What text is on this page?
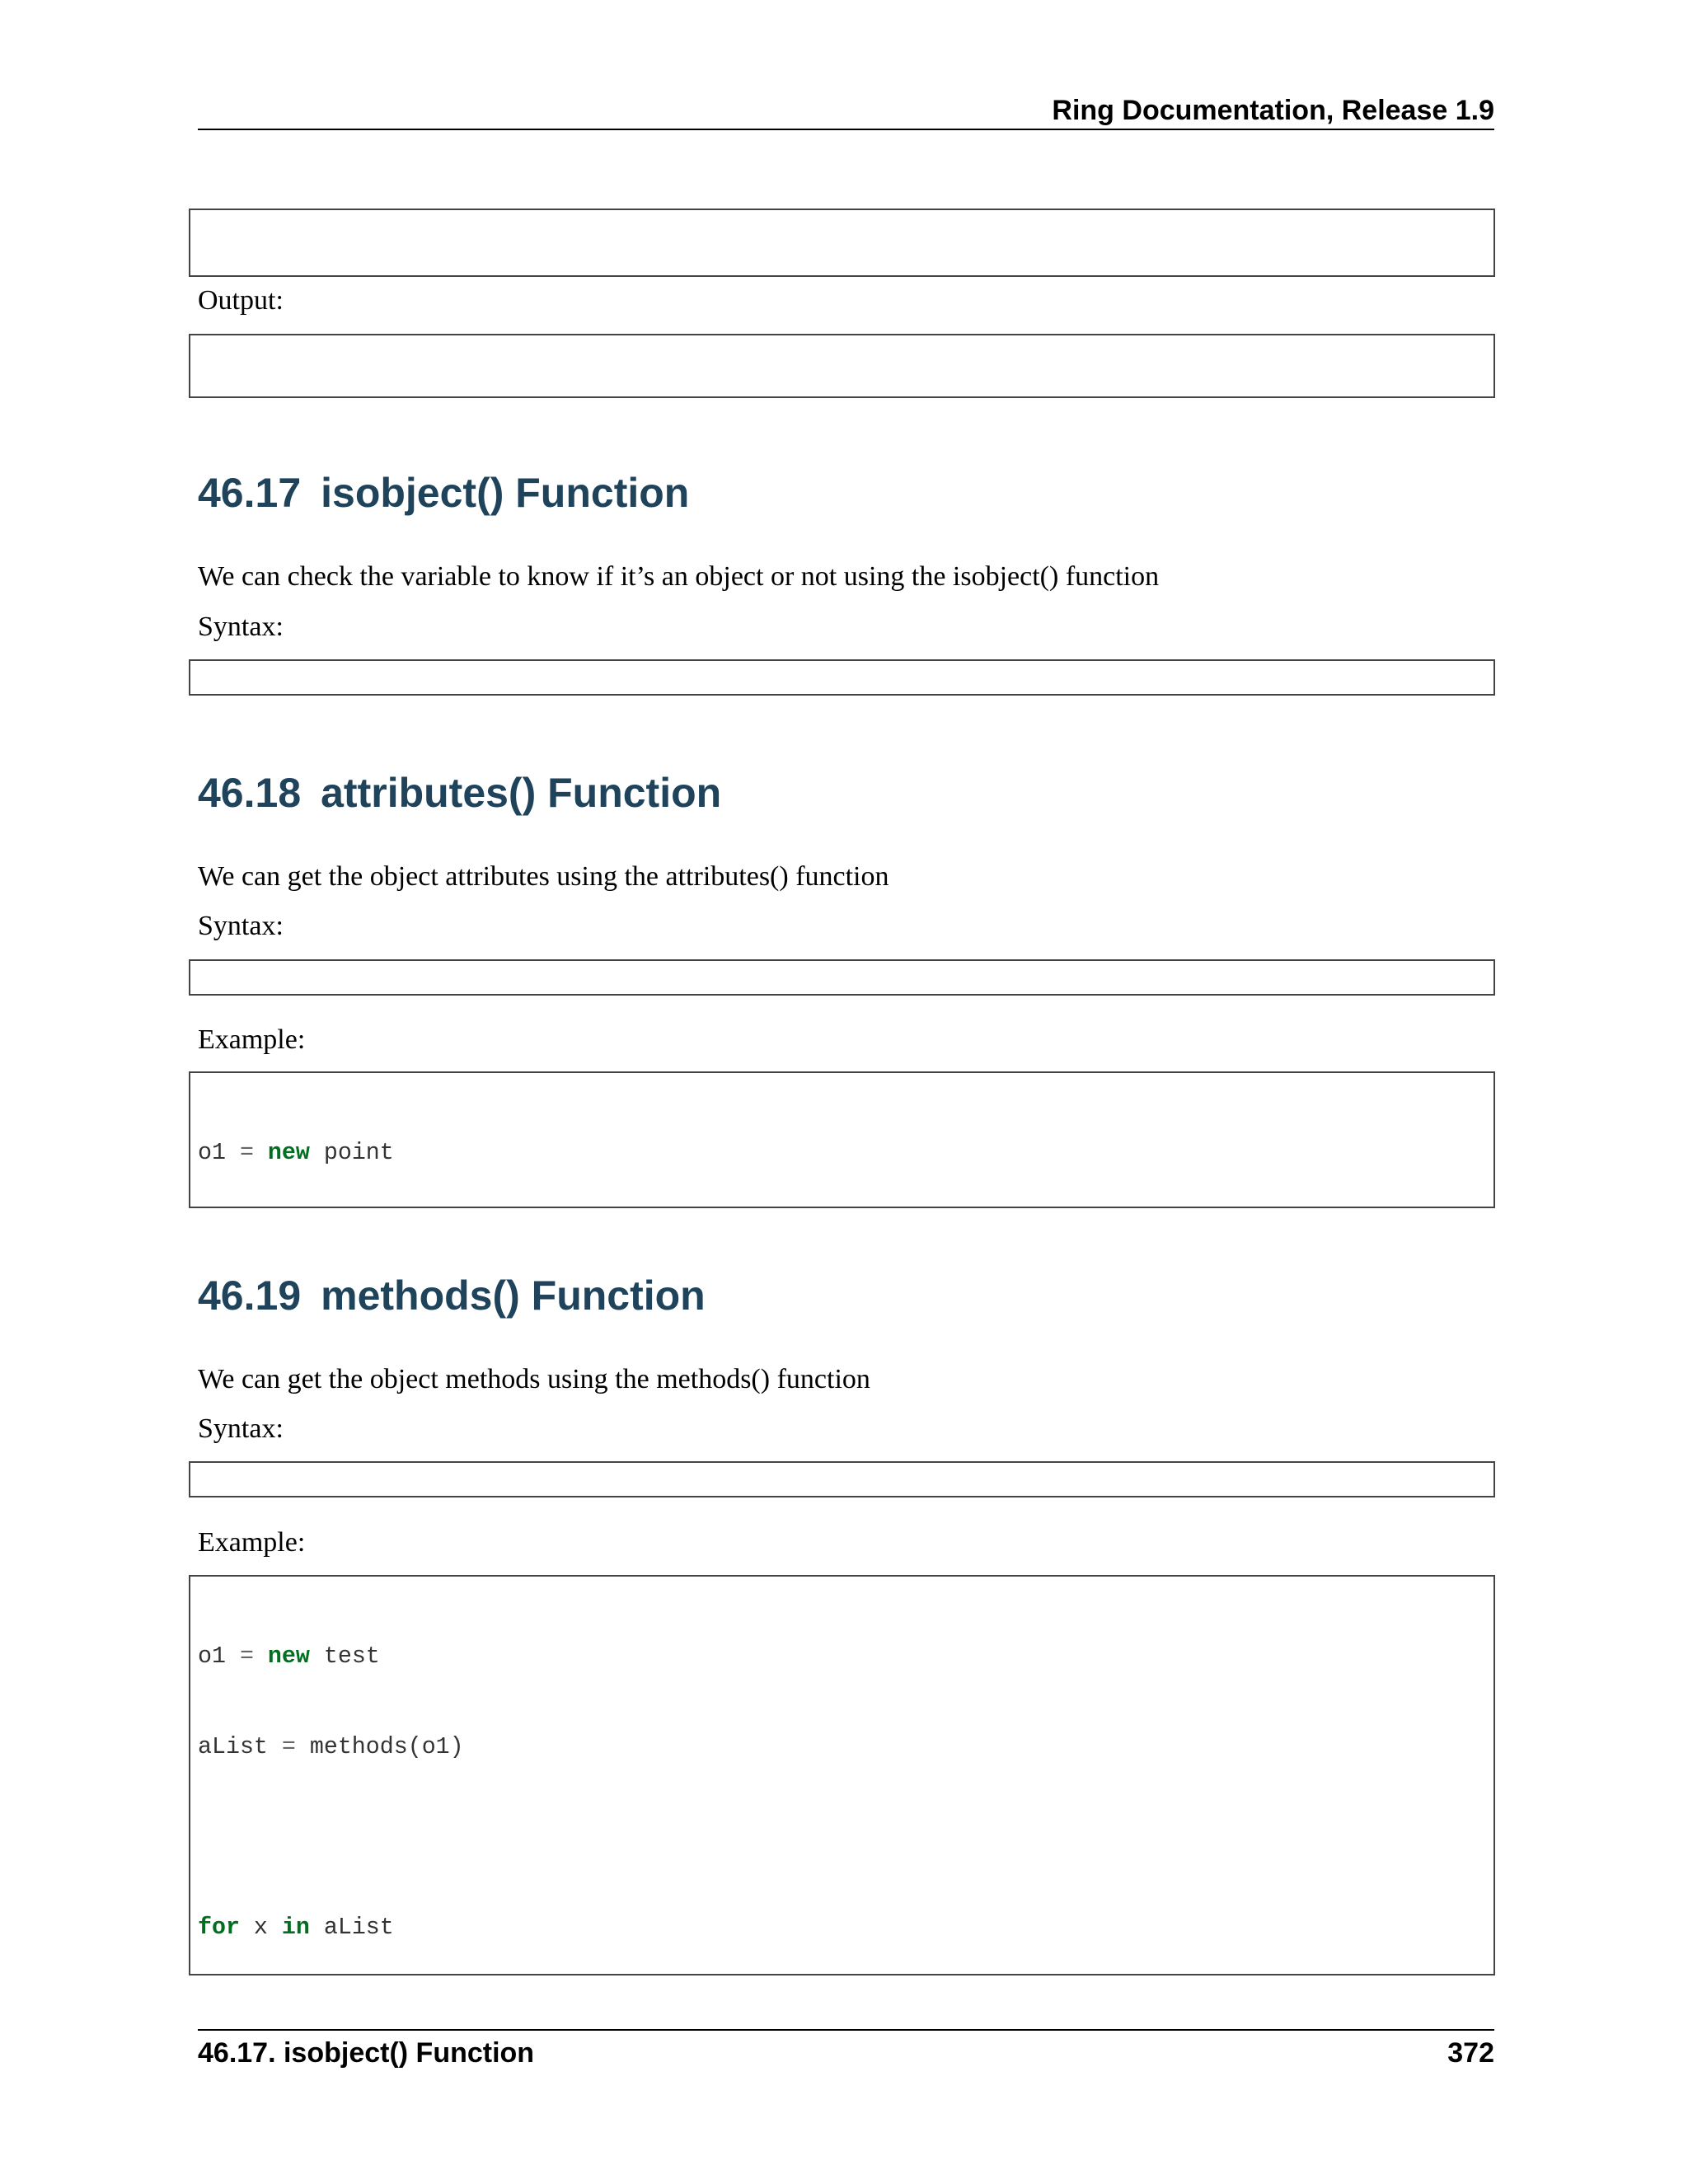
Ring Documentation, Release 1.9

Output:

46.17 isobject() Function
We can check the variable to know if it’s an object or not using the isobject() function
Syntax:

46.18 attributes() Function
We can get the object attributes using the attributes() function
Syntax:

Example:

o1 = new point

46.19 methods() Function
We can get the object methods using the methods() function
Syntax:

Example:

o1 = new test

aList = methods(o1)

for x in aList

46.17. isobject() Function	372
